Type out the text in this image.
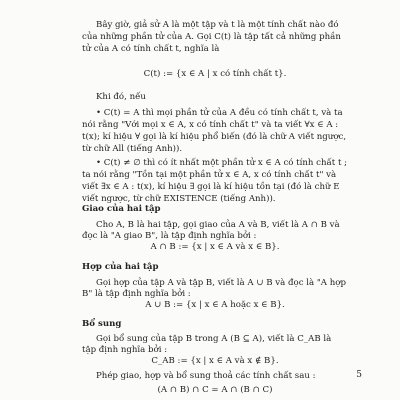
Bây giờ, giả sử A là một tập và t là một tính chất nào đó của những phần tử của A. Gọi C(t) là tập tất cả những phần tử của A có tính chất t, nghĩa là
C(t) := {x ∈ A | x có tính chất t}.
Khi đó, nếu
• C(t) = A thì mọi phần tử của A đều có tính chất t, và ta nói rằng "Với mọi x ∈ A, x có tính chất t" và ta viết ∀x ∈ A : t(x); kí hiệu ∀ gọi là kí hiệu phổ biến (đó là chữ A viết ngược, từ chữ All (tiếng Anh)).
• C(t) ≠ ∅ thì có ít nhất một phần tử x ∈ A có tính chất t ; ta nói rằng "Tồn tại một phần tử x ∈ A, x có tính chất t" và viết ∃x ∈ A : t(x), kí hiệu ∃ gọi là kí hiệu tồn tại (đó là chữ E viết ngược, từ chữ EXISTENCE (tiếng Anh)).
Giao của hai tập
Cho A, B là hai tập, gọi giao của A và B, viết là A ∩ B và đọc là "A giao B", là tập định nghĩa bởi :
A ∩ B := {x | x ∈ A và x ∈ B}.
Hợp của hai tập
Gọi hợp của tập A và tập B, viết là A ∪ B và đọc là "A hợp B" là tập định nghĩa bởi :
A ∪ B := {x | x ∈ A hoặc x ∈ B}.
Bổ sung
Gọi bổ sung của tập B trong A (B ⊆ A), viết là C_AB là tập định nghĩa bởi :
C_AB := {x | x ∈ A và x ∉ B}.
Phép giao, hợp và bổ sung thoả các tính chất sau :
(A ∩ B) ∩ C = A ∩ (B ∩ C)
5
